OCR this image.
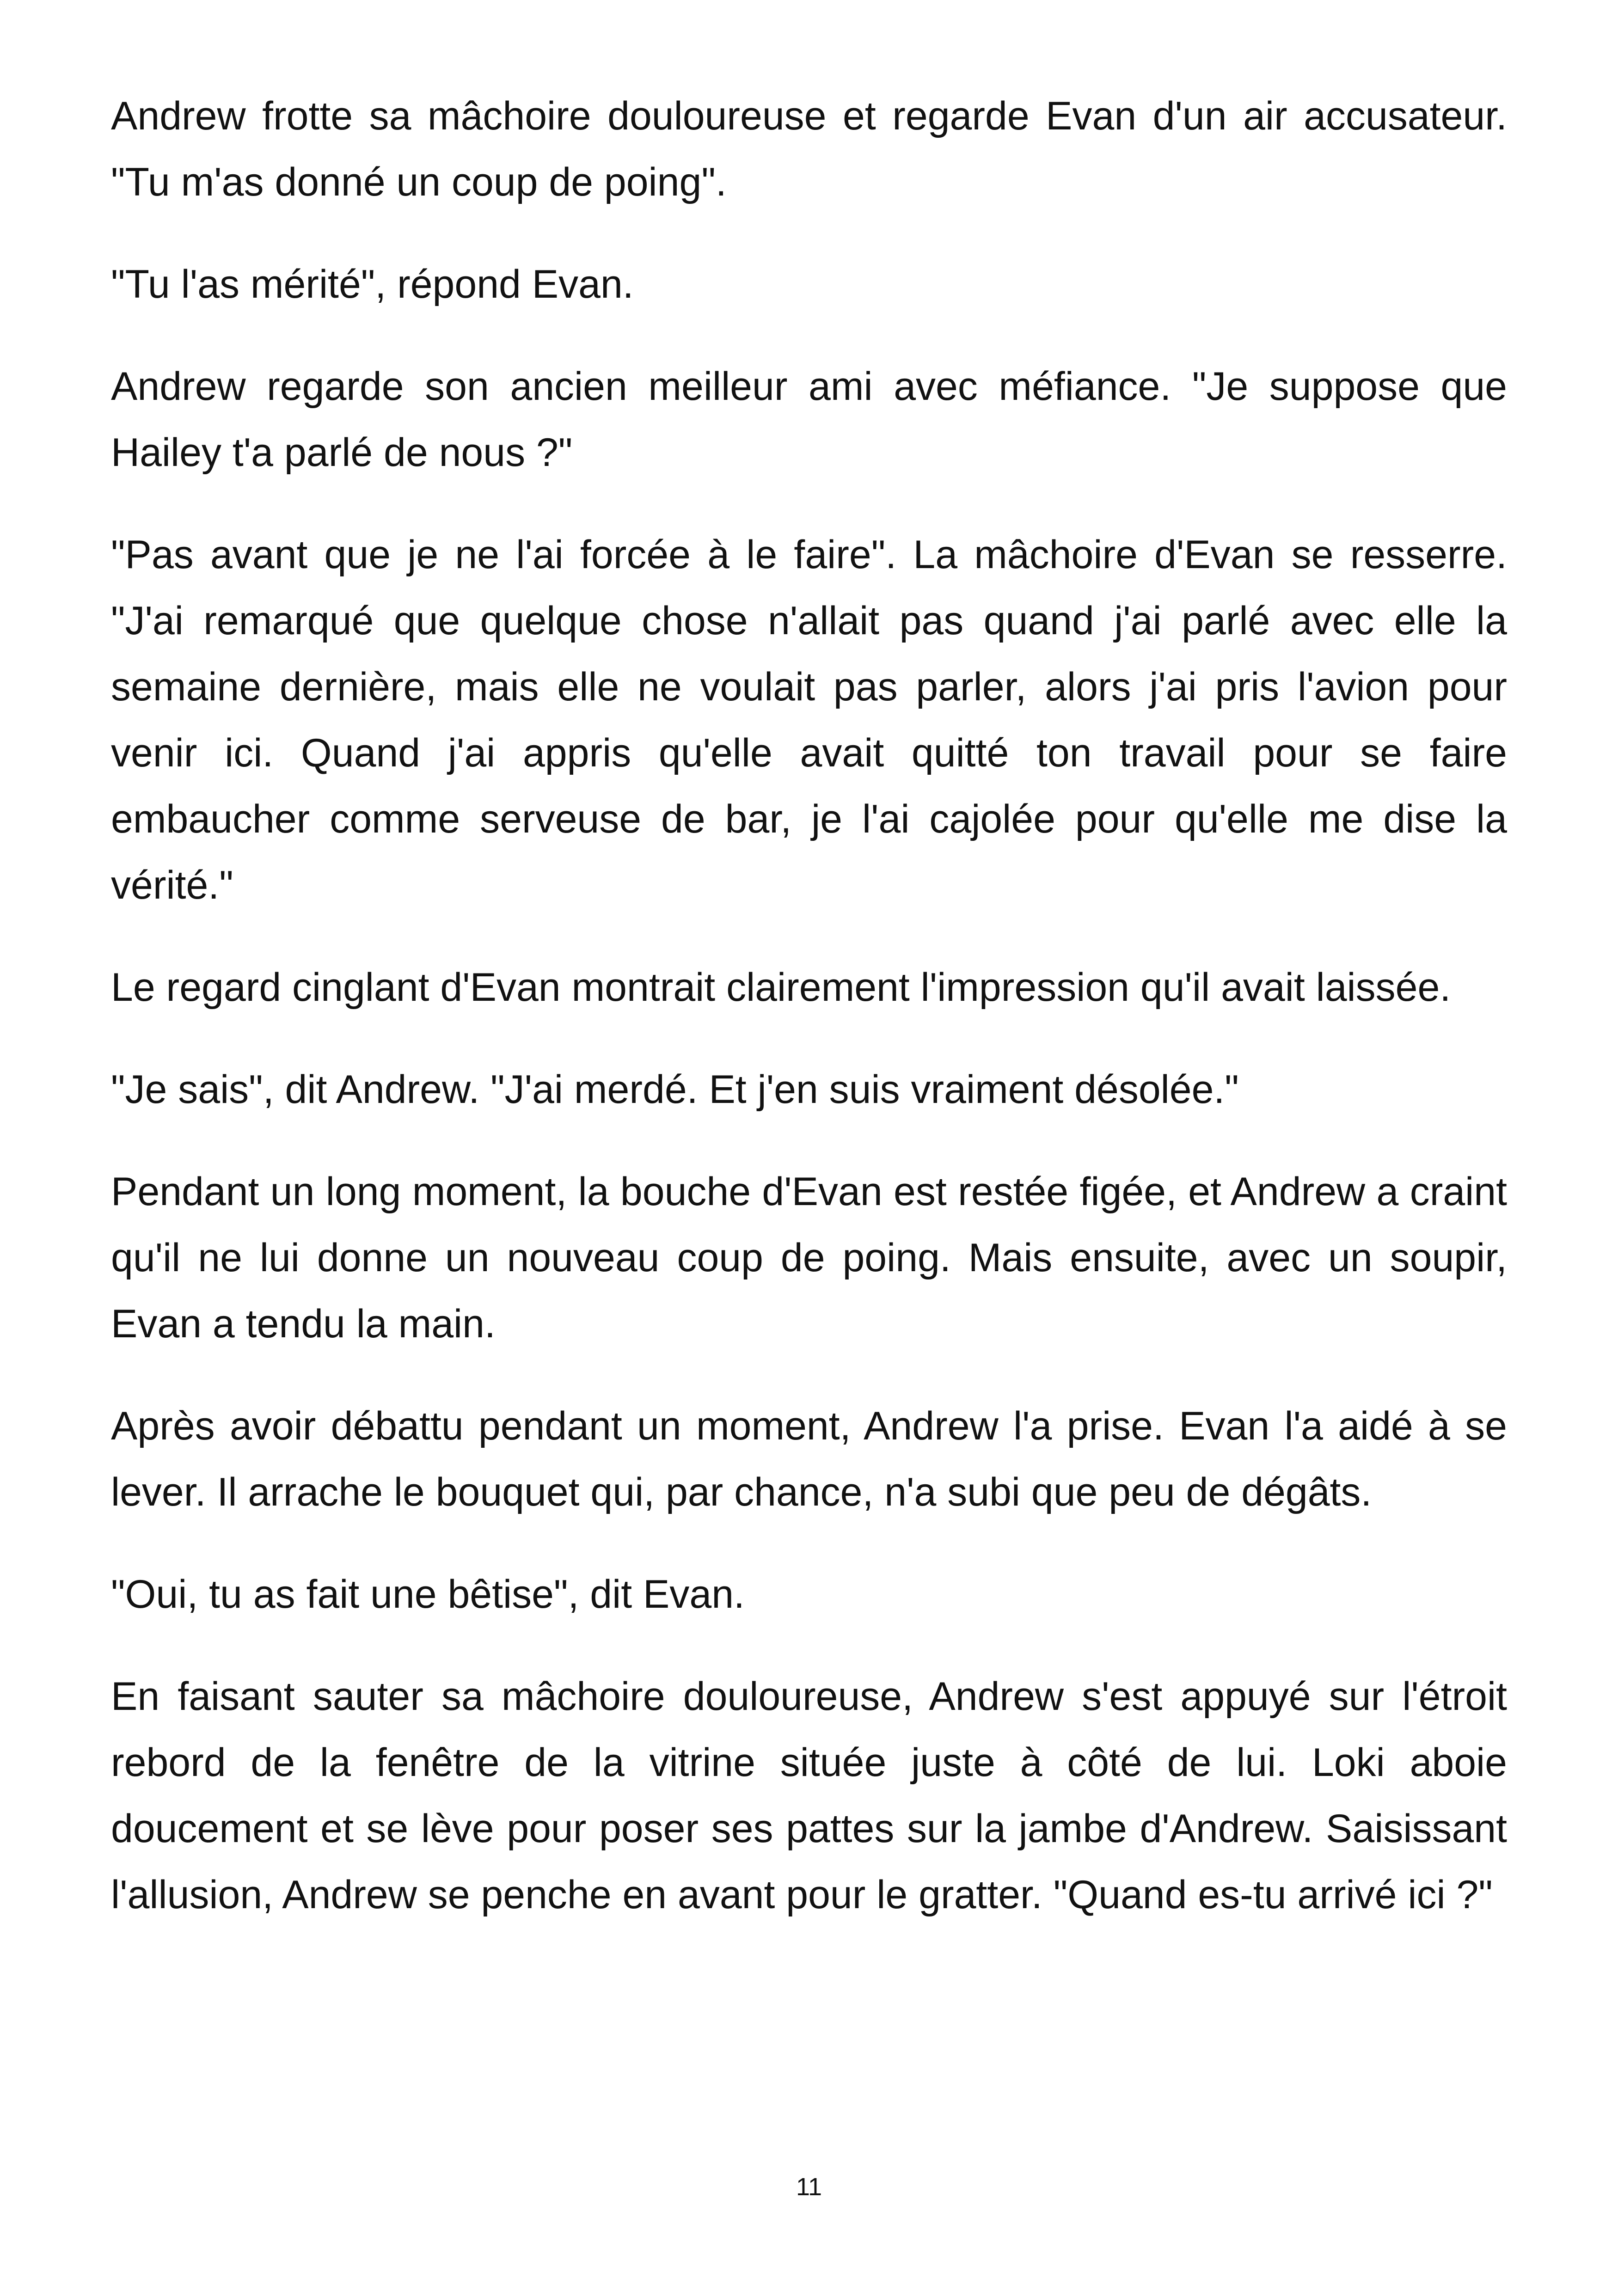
Andrew frotte sa mâchoire douloureuse et regarde Evan d'un air accusateur. "Tu m'as donné un coup de poing".

"Tu l'as mérité", répond Evan.

Andrew regarde son ancien meilleur ami avec méfiance. "Je suppose que Hailey t'a parlé de nous ?"

"Pas avant que je ne l'ai forcée à le faire". La mâchoire d'Evan se resserre. "J'ai remarqué que quelque chose n'allait pas quand j'ai parlé avec elle la semaine dernière, mais elle ne voulait pas parler, alors j'ai pris l'avion pour venir ici. Quand j'ai appris qu'elle avait quitté ton travail pour se faire embaucher comme serveuse de bar, je l'ai cajolée pour qu'elle me dise la vérité."

Le regard cinglant d'Evan montrait clairement l'impression qu'il avait laissée.

"Je sais", dit Andrew. "J'ai merdé. Et j'en suis vraiment désolée."

Pendant un long moment, la bouche d'Evan est restée figée, et Andrew a craint qu'il ne lui donne un nouveau coup de poing. Mais ensuite, avec un soupir, Evan a tendu la main.

Après avoir débattu pendant un moment, Andrew l'a prise. Evan l'a aidé à se lever. Il arrache le bouquet qui, par chance, n'a subi que peu de dégâts.

"Oui, tu as fait une bêtise", dit Evan.

En faisant sauter sa mâchoire douloureuse, Andrew s'est appuyé sur l'étroit rebord de la fenêtre de la vitrine située juste à côté de lui. Loki aboie doucement et se lève pour poser ses pattes sur la jambe d'Andrew. Saisissant l'allusion, Andrew se penche en avant pour le gratter. "Quand es-tu arrivé ici ?"

11
